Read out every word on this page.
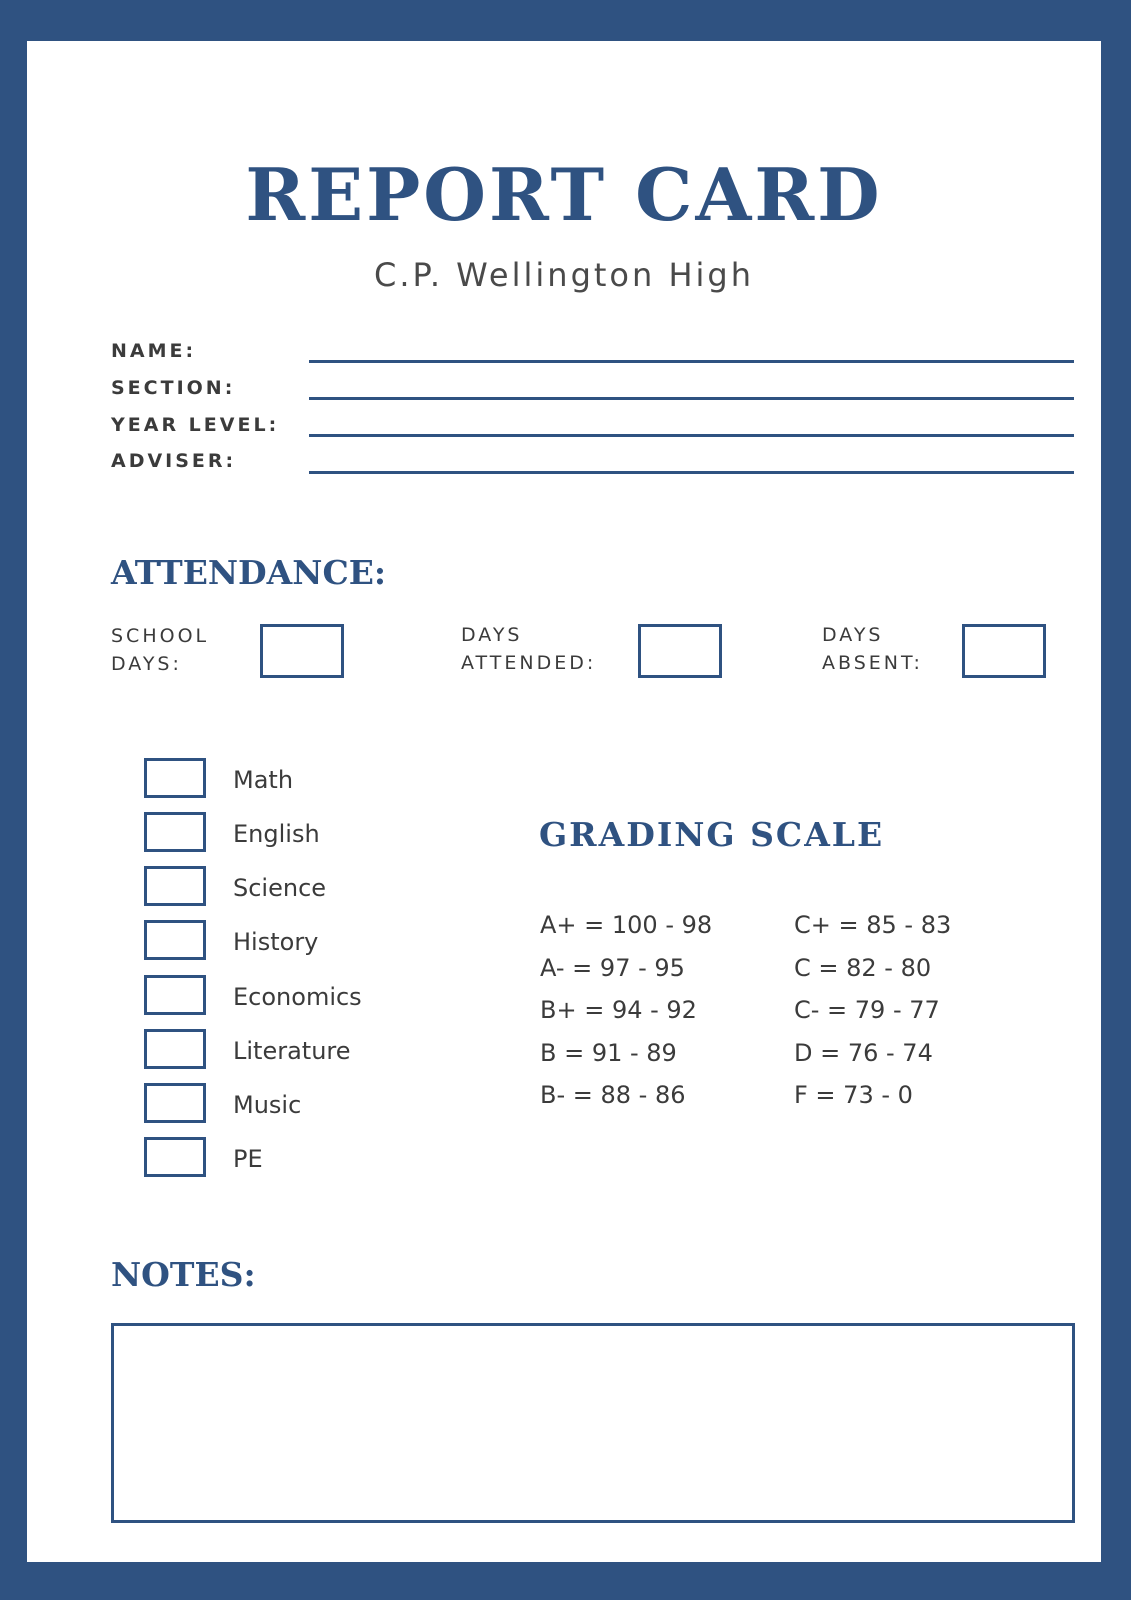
REPORT CARD
C.P. Wellington High
NAME:
SECTION:
YEAR LEVEL:
ADVISER:
ATTENDANCE:
SCHOOL
DAYS:
DAYS
ATTENDED:
DAYS
ABSENT:
Math
English
Science
History
Economics
Literature
Music
PE
GRADING SCALE
A+ = 100 - 98
A- = 97 - 95
B+ = 94 - 92
B = 91 - 89
B- = 88 - 86
C+ = 85 - 83
C = 82 - 80
C- = 79 - 77
D = 76 - 74
F = 73 - 0
NOTES:
